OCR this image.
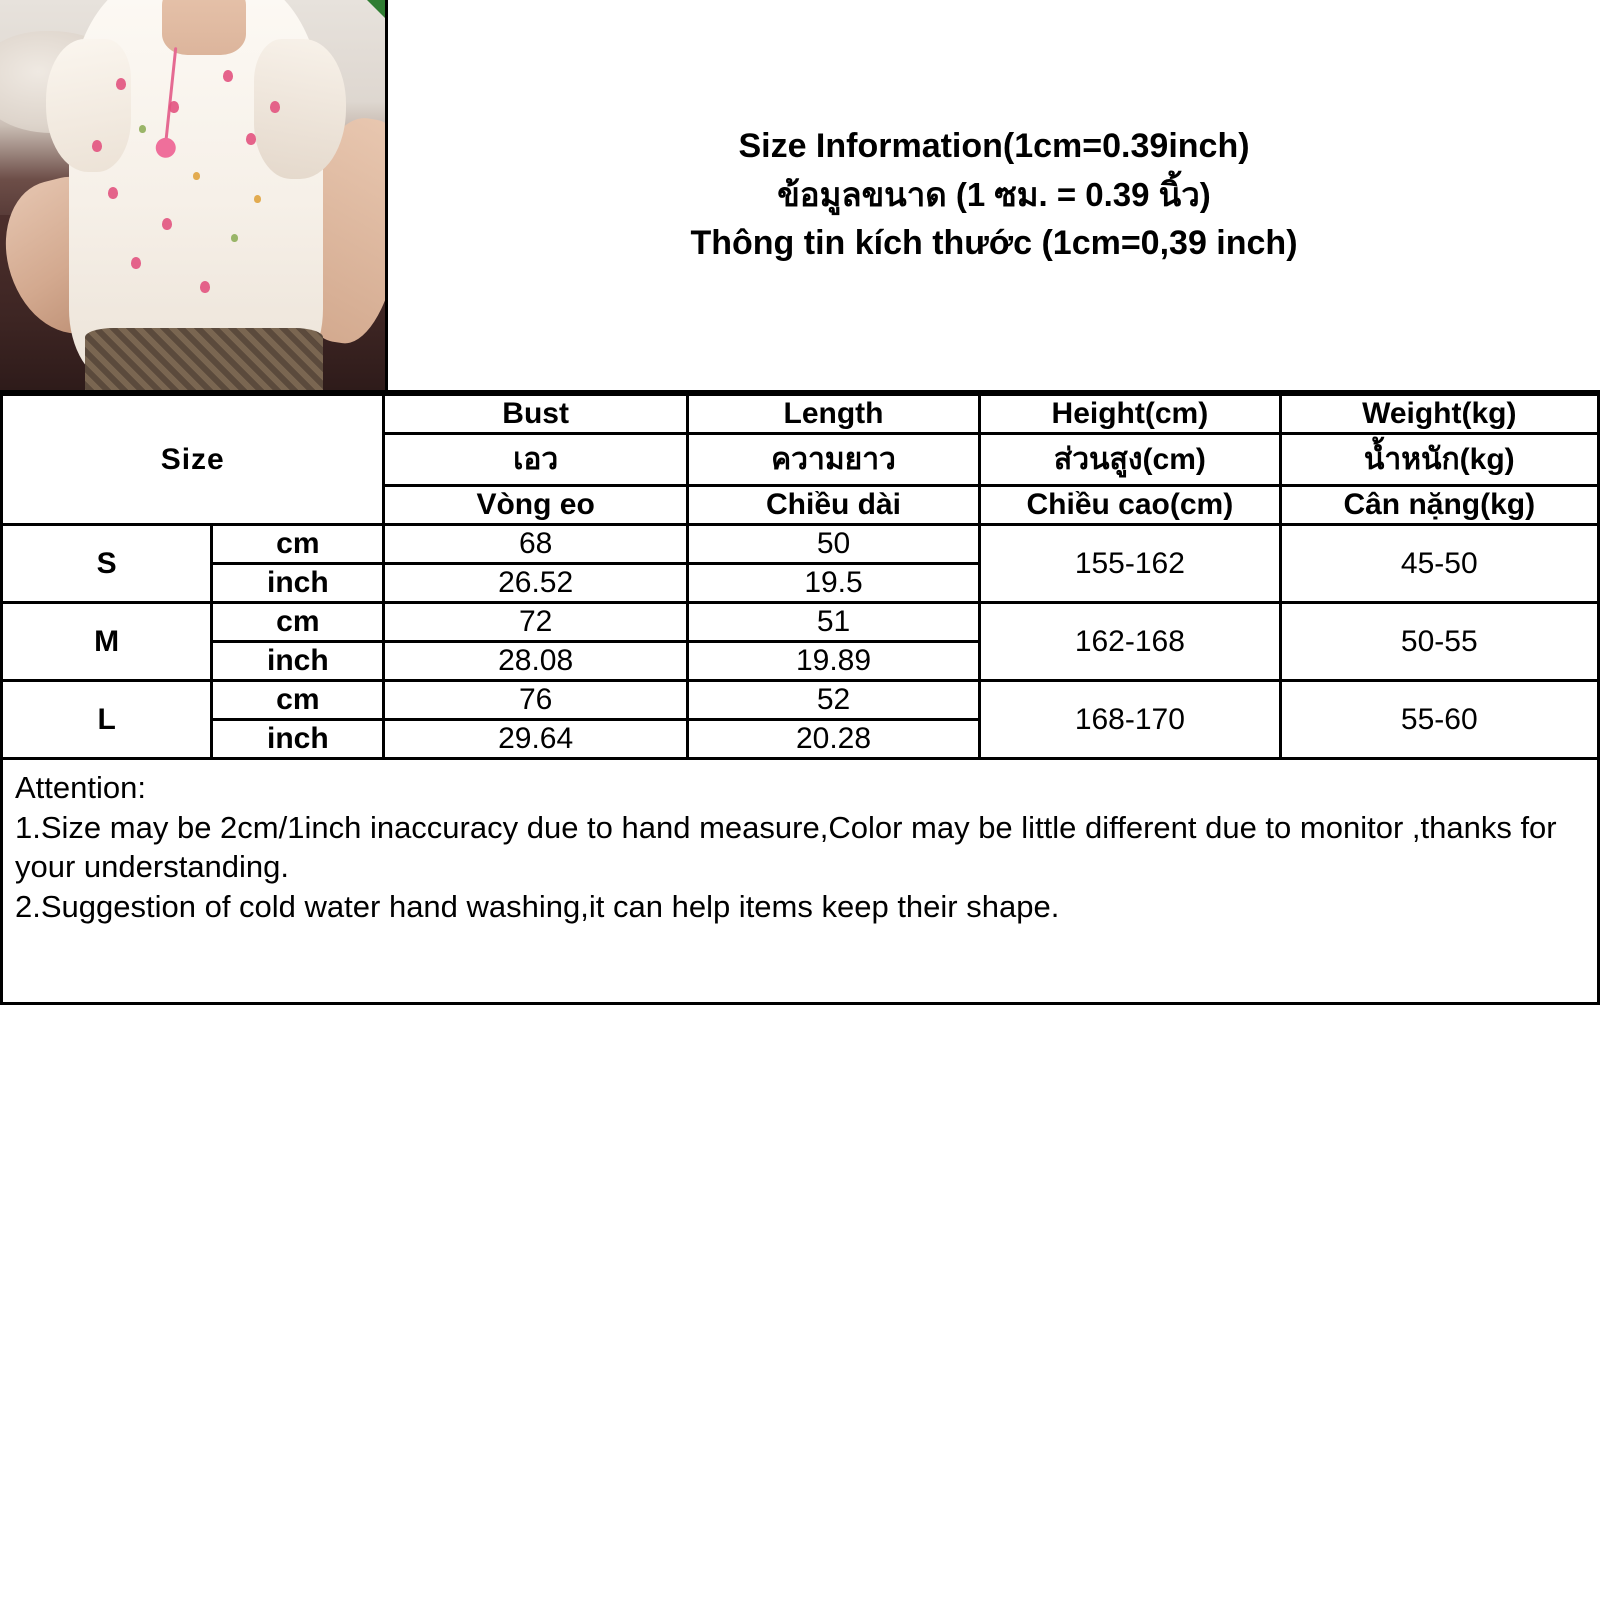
Size Information(1cm=0.39inch)
ข้อมูลขนาด (1 ซม. = 0.39 นิ้ว)
Thông tin kích thước (1cm=0,39 inch)
Size		Bust	Length	Height(cm)	Weight(kg)
		เอว	ความยาว	ส่วนสูง(cm)	น้ำหนัก(kg)
		Vòng eo	Chiều dài	Chiều cao(cm)	Cân nặng(kg)
S	cm	68	50	155-162	45-50
	inch	26.52	19.5		
M	cm	72	51	162-168	50-55
	inch	28.08	19.89		
L	cm	76	52	168-170	55-60
	inch	29.64	20.28		

Attention:

1.Size may be 2cm/1inch inaccuracy due to hand measure,Color may be little different due to monitor ,thanks for your understanding.

2.Suggestion of cold water hand washing,it can help items keep their shape.
